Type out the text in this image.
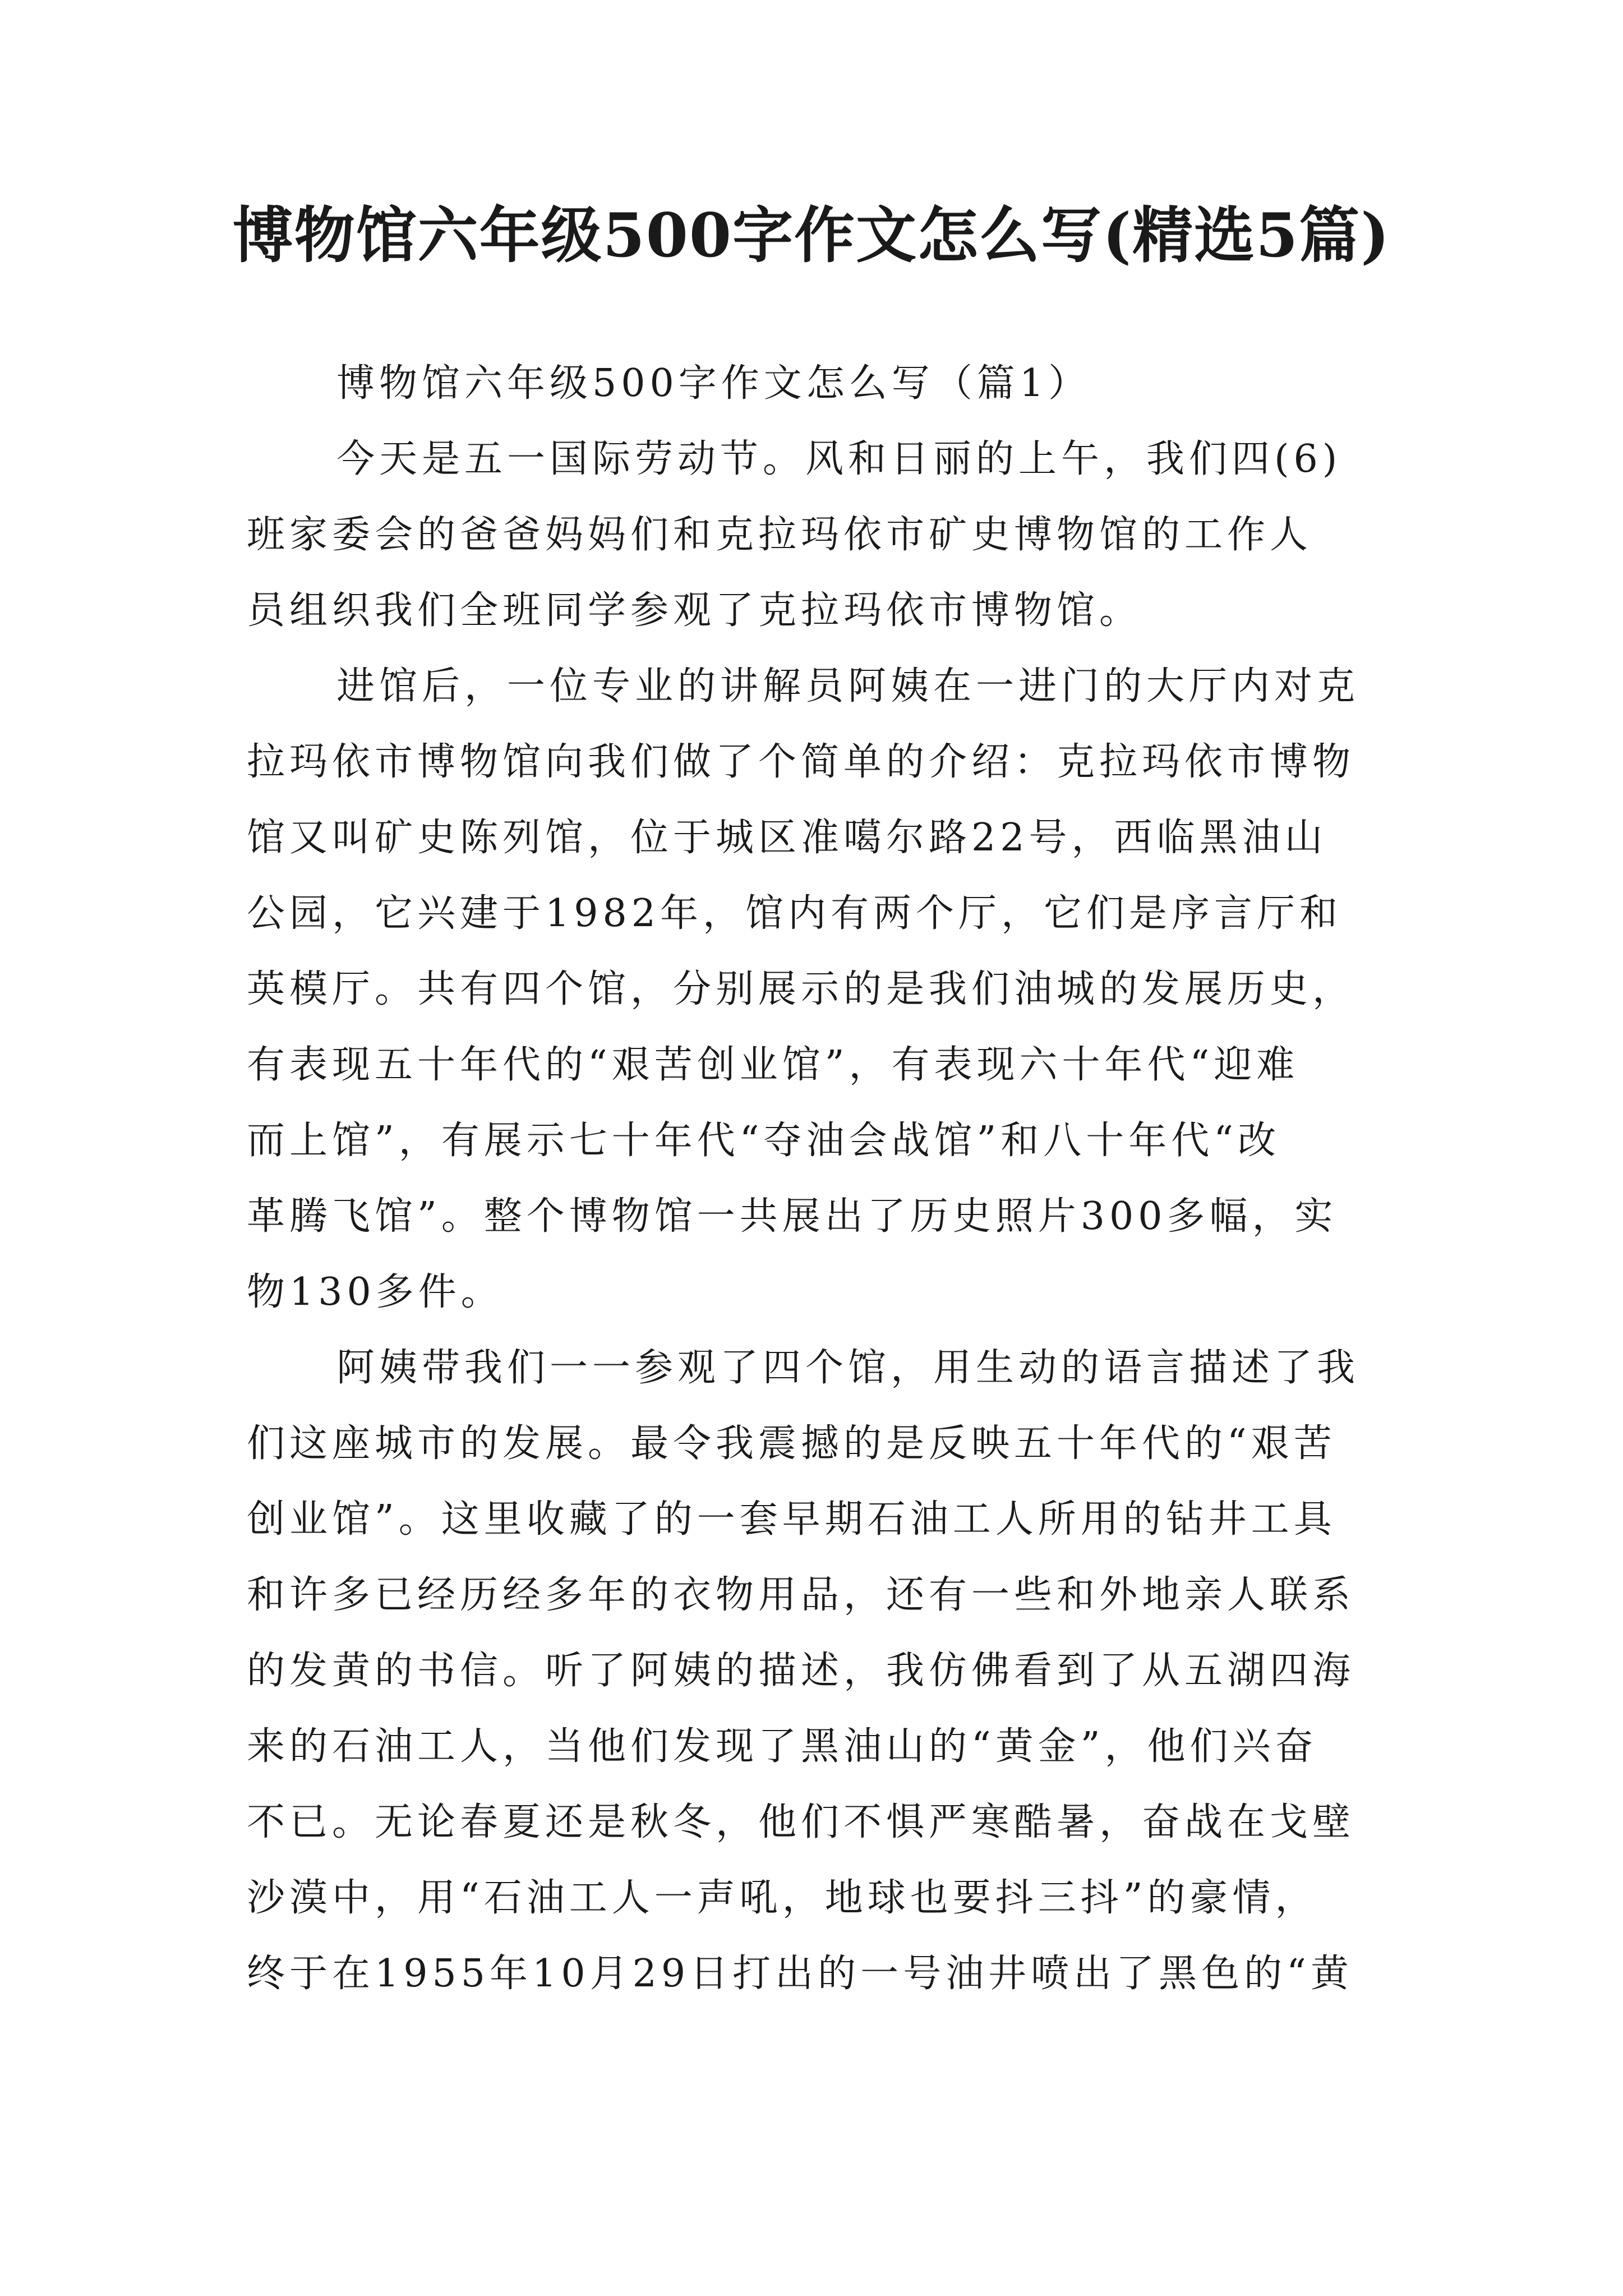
博物馆六年级500字作文怎么写(精选5篇)

博物馆六年级500字作文怎么写（篇1）

今天是五一国际劳动节。风和日丽的上午，我们四(6)
班家委会的爸爸妈妈们和克拉玛依市矿史博物馆的工作人
员组织我们全班同学参观了克拉玛依市博物馆。

进馆后，一位专业的讲解员阿姨在一进门的大厅内对克
拉玛依市博物馆向我们做了个简单的介绍：克拉玛依市博物
馆又叫矿史陈列馆，位于城区准噶尔路22号，西临黑油山
公园，它兴建于1982年，馆内有两个厅，它们是序言厅和
英模厅。共有四个馆，分别展示的是我们油城的发展历史，
有表现五十年代的“艰苦创业馆”，有表现六十年代“迎难
而上馆”，有展示七十年代“夺油会战馆”和八十年代“改
革腾飞馆”。整个博物馆一共展出了历史照片300多幅，实
物130多件。

阿姨带我们一一参观了四个馆，用生动的语言描述了我
们这座城市的发展。最令我震撼的是反映五十年代的“艰苦
创业馆”。这里收藏了的一套早期石油工人所用的钻井工具
和许多已经历经多年的衣物用品，还有一些和外地亲人联系
的发黄的书信。听了阿姨的描述，我仿佛看到了从五湖四海
来的石油工人，当他们发现了黑油山的“黄金”，他们兴奋
不已。无论春夏还是秋冬，他们不惧严寒酷暑，奋战在戈壁
沙漠中，用“石油工人一声吼，地球也要抖三抖”的豪情，
终于在1955年10月29日打出的一号油井喷出了黑色的“黄
